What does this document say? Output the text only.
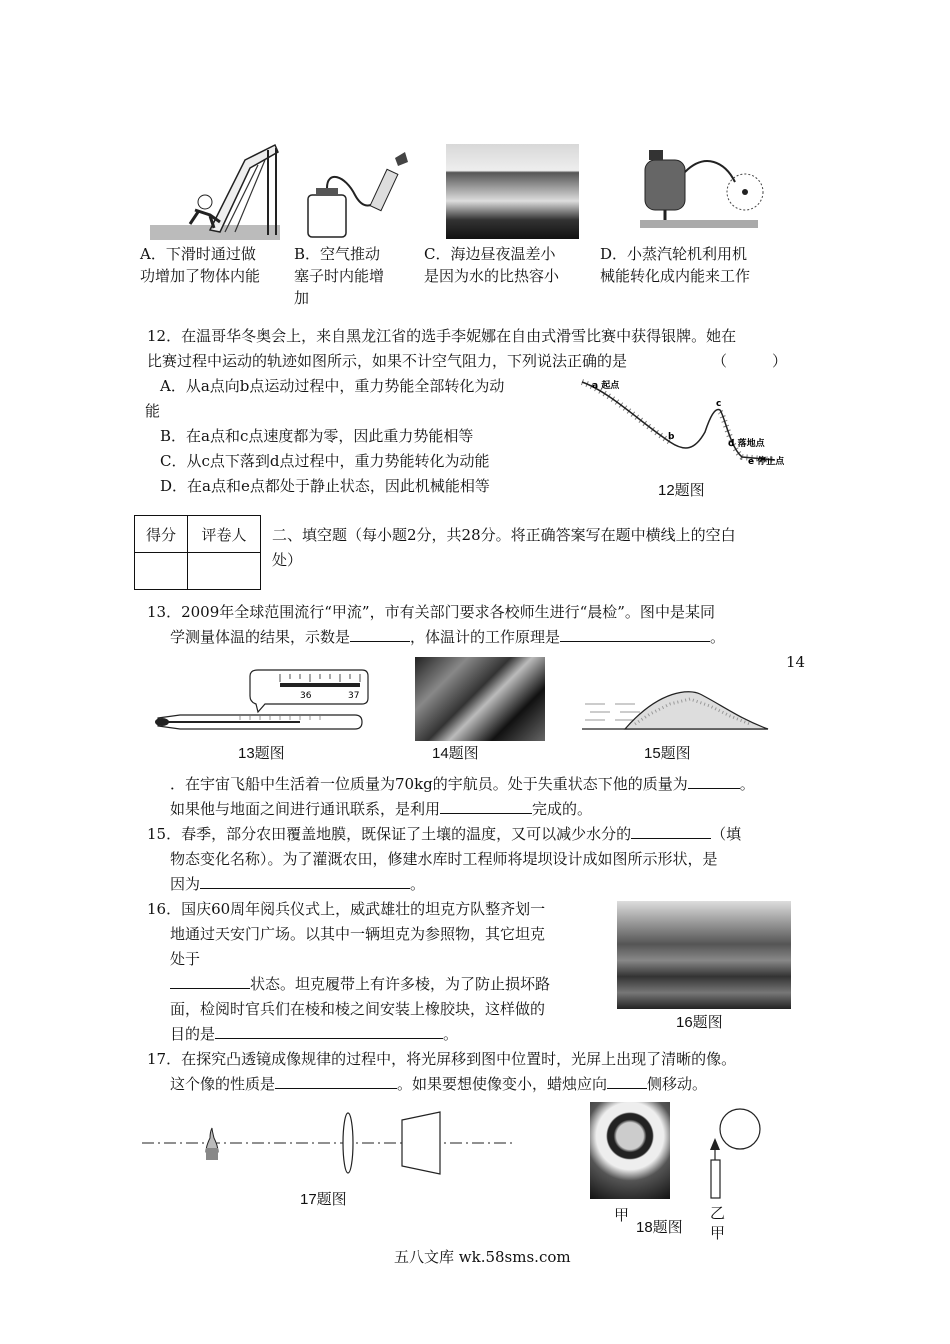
A．下滑时通过做
功增加了物体内能
B．空气推动
塞子时内能增
加
C．海边昼夜温差小
是因为水的比热容小
D．小蒸汽轮机利用机
械能转化成内能来工作
12．在温哥华冬奥会上，来自黑龙江省的选手李妮娜在自由式滑雪比赛中获得银牌。她在
比赛过程中运动的轨迹如图所示，如果不计空气阻力，下列说法正确的是	（　　　）
A．从a点向b点运动过程中，重力势能全部转化为动
能
B．在a点和c点速度都为零，因此重力势能相等
C．从c点下落到d点过程中，重力势能转化为动能
D．在a点和e点都处于静止状态，因此机械能相等
a 起点
b
c
d 落地点
e 停止点
12题图
得分	评卷人
	二、填空题（每小题2分，共28分。将正确答案写在题中横线上的空白
处）
13．2009年全球范围流行“甲流”，市有关部门要求各校师生进行“晨检”。图中是某同
学测量体温的结果，示数是	，体温计的工作原理是	。
14
36	37
13题图	14题图	15题图
．在宇宙飞船中生活着一位质量为70kg的宇航员。处于失重状态下他的质量为	。
如果他与地面之间进行通讯联系，是利用	完成的。
15．春季，部分农田覆盖地膜，既保证了土壤的温度，又可以减少水分的	（填
物态变化名称）。为了灌溉农田，修建水库时工程师将堤坝设计成如图所示形状，是
因为	。
16．国庆60周年阅兵仪式上，威武雄壮的坦克方队整齐划一
地通过天安门广场。以其中一辆坦克为参照物，其它坦克
处于
状态。坦克履带上有许多棱，为了防止损坏路
面，检阅时官兵们在棱和棱之间安装上橡胶块，这样做的
目的是	。
16题图
17．在探究凸透镜成像规律的过程中，将光屏移到图中位置时，光屏上出现了清晰的像。
这个像的性质是	。如果要想使像变小，蜡烛应向	侧移动。
17题图
甲
18题图
乙
甲
五八文库 wk.58sms.com
